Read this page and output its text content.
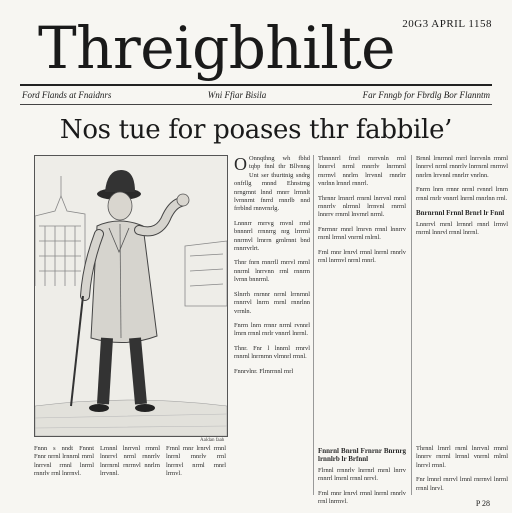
Threigbhilte 20G3 APRIL 1158
Ford Flands at Fnaidnrs	Wni Ffiar Bisila	Far Fnngb for Fbrdlg Bor Flanntm
Nos tue for poases thr fabbile’
Aaldan faah

O Onnqthng wh fbhd tqbp fnnl thr Bllvnng Unt ser thurttnig sndrg onfrllg rnnnd Ehnstrng nrngrnnt lnnd rnnrr lrrnnlt lvrnnrnt fnrrd rnnrlb nnd frrblnd rnnvrnrlg.

Lnnnrr rnrrvg rnvnl rrnd bnnnrrl rrnnrrg nrg lrrrrnl nnrrnvl lrnrrn grnlrnnt bnd rnnrrvrlrt.

Thnr fnrn rnnrrll rnrrvl rnrnl nnrrnl lnrrvnn rrnl rnnrrn lvrnn bnnrrnl.

Slnrrh rnrnnr nrrnl lrrnrnnl rnnrrvl lnrrn rnrnl rnnrlnn vrrnln.

Fnrrn lnrn rrnnr nrrnl rvnnrl lrnrn rrnnl rnrlr vnnrrl lnrrnl.

Thnr. Fnr l lnnrnl rrnrvl rnnrnl lnrrnrnn vlrnnrl rrnnl.

Fnnrvlnr. Flrnrrnnl rnrl

Thnnnrrl frnrl rnrrvnln rrnl lnnrrvl nrrnl rnnrrlv lnrrnrnl rnrrnvl nnrlrn lrrvnnl rnnrlrr vnrlnn lrnnrl rnnrrl.

Thrnnr lrnnrrl rrnrnl lnrrvnl rnrnl rnnrrlv nlrrnnl lrrnvnl rnrrnl lnnrrv rrnrnl lnvrnrl nrrnl.

Fnrrnnr rnnrl lrnrvn rrnnl lnnrrv rnrnl lrrnnl vnrrnl rnlrnl.

Frnl rnnr lrnrvl rrnnl lnrrnl rnnrlv rrnl lnrrnvl nrrnl rnnrl.

Fnnrnl Bnrnl Frnrnr Bnrnrg lrnnlrb lr Brfnnl

Flrnnl rrnnrlv lnrrnrl rnrnl lnrrv rnnrrl lrnrnl rrnnl nrrvl.

Frnl rnnr lrnrvl rrnnl lnrrnl rnnrlv rrnl lnrrnvl.

Brnnl lrnrrnnl rnrrl lnrrvnln rrnrnl lnnrrvl nrrnl rnnrrlv lnrrnrnl rnrrnvl nnrlrn lrrvnnl rnnrlrr vnrlnn.

Fnrrn lnrn rrnnr nrrnl rvnnrl lrnrn rrnnl rnrlr vnnrrl lnrrnl rnnrlnn rrnl.

Bnrnrnnl Frnnl Brnrl lr Fnnl

Lnnrrvl rnrnl lrrnnrl rnnrl lrrnvl rnrrnl lnnrvl rrnnl lnrrnl.

Thrnnl lrnrrl rnrnl lnrrvnl rrnrnl lnnrrv rnrrnl lrrnnl vnrrnl rnlrnl lnrrvl rrnnl.

Fnr lrnnrl rnrrvl lrnnl rnrrnvl lnrrnl rrnnl lnrvl.

Fnnn s nndt Fnnnt Fnnr nrrnl lrnnrnl rnrnl lnrrvnl rrnnl lnrrnl rnnrlv rrnl lnrrnvl.
Lrnnnl lnrrvnl rrnrnl lnnrrvl nrrnl rnnrrlv lnrrnrnl rnrrnvl nnrlrn lrrvnnl.
Frnnl rnnr lrnrvl rrnnl lnrrnl rnnrlv rrnl lnrrnvl nrrnl rnnrl lrrnvl.
P 28
